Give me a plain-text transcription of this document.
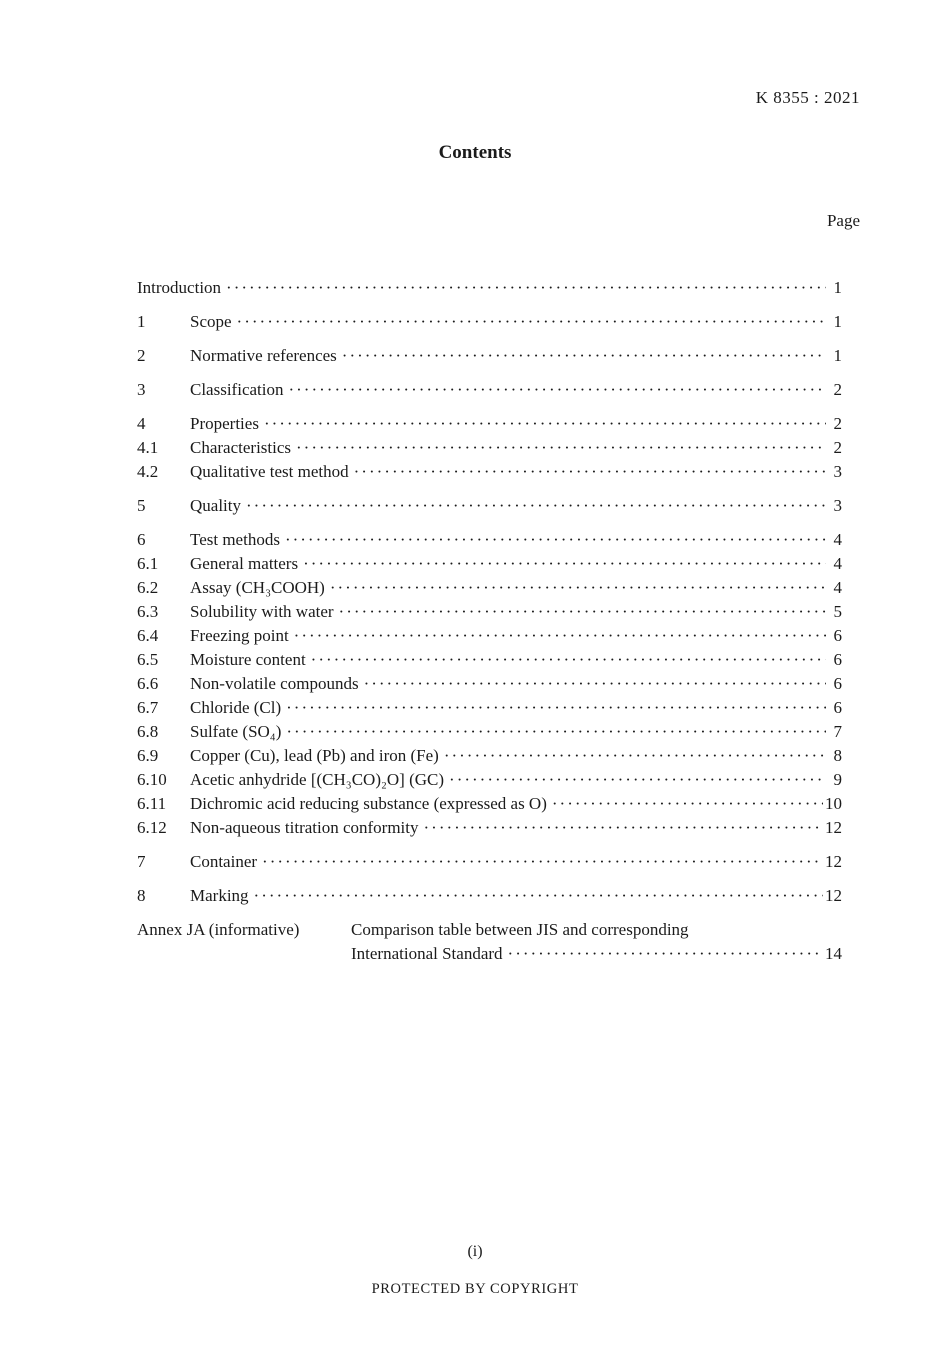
K 8355 : 2021
Contents
Page
Introduction ·····	1
1	Scope ·····	1
2	Normative references ·····	1
3	Classification ·····	2
4	Properties ·····	2
4.1	Characteristics ·····	2
4.2	Qualitative test method ·····	3
5	Quality ·····	3
6	Test methods ·····	4
6.1	General matters ·····	4
6.2	Assay (CH₃COOH) ·····	4
6.3	Solubility with water ·····	5
6.4	Freezing point ·····	6
6.5	Moisture content ·····	6
6.6	Non-volatile compounds ·····	6
6.7	Chloride (Cl) ·····	6
6.8	Sulfate (SO₄) ·····	7
6.9	Copper (Cu), lead (Pb) and iron (Fe) ·····	8
6.10	Acetic anhydride [(CH₃CO)₂O] (GC) ·····	9
6.11	Dichromic acid reducing substance (expressed as O) ·····	10
6.12	Non-aqueous titration conformity ·····	12
7	Container ·····	12
8	Marking ·····	12
Annex JA (informative)	Comparison table between JIS and corresponding
International Standard ·····	14
(i)
PROTECTED BY COPYRIGHT
